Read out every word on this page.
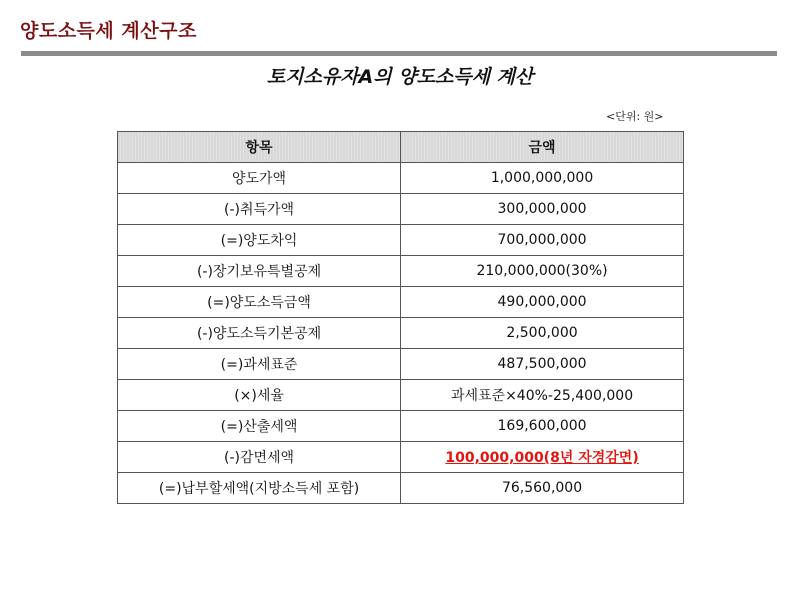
양도소득세 계산구조
토지소유자A의 양도소득세 계산
<단위: 원>
항목	금액
양도가액	1,000,000,000
(-)취득가액	300,000,000
(=)양도차익	700,000,000
(-)장기보유특별공제	210,000,000(30%)
(=)양도소득금액	490,000,000
(-)양도소득기본공제	2,500,000
(=)과세표준	487,500,000
(×)세율	과세표준×40%-25,400,000
(=)산출세액	169,600,000
(-)감면세액	100,000,000(8년 자경감면)
(=)납부할세액(지방소득세 포함)	76,560,000
